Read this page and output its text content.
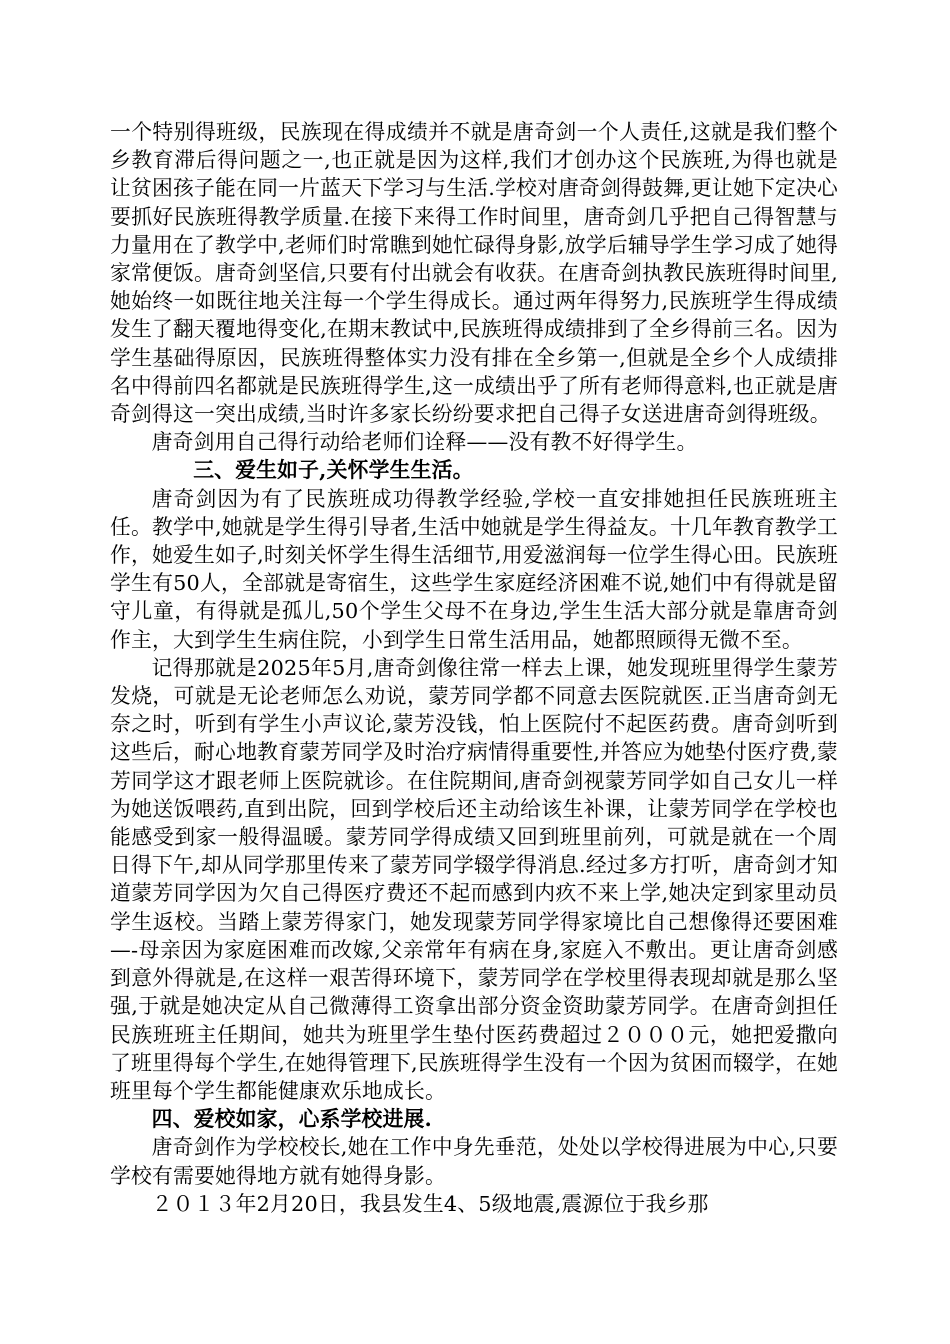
一个特别得班级，民族现在得成绩并不就是唐奇剑一个人责任,这就是我们整个乡教育滞后得问题之一,也正就是因为这样,我们才创办这个民族班,为得也就是让贫困孩子能在同一片蓝天下学习与生活.学校对唐奇剑得鼓舞,更让她下定决心要抓好民族班得教学质量.在接下来得工作时间里，唐奇剑几乎把自己得智慧与力量用在了教学中,老师们时常瞧到她忙碌得身影,放学后辅导学生学习成了她得家常便饭。唐奇剑坚信,只要有付出就会有收获。在唐奇剑执教民族班得时间里,她始终一如既往地关注每一个学生得成长。通过两年得努力,民族班学生得成绩发生了翻天覆地得变化,在期末教试中,民族班得成绩排到了全乡得前三名。因为学生基础得原因，民族班得整体实力没有排在全乡第一,但就是全乡个人成绩排名中得前四名都就是民族班得学生,这一成绩出乎了所有老师得意料,也正就是唐奇剑得这一突出成绩,当时许多家长纷纷要求把自己得子女送进唐奇剑得班级。

唐奇剑用自己得行动给老师们诠释——没有教不好得学生。

三、爱生如子,关怀学生生活。

唐奇剑因为有了民族班成功得教学经验,学校一直安排她担任民族班班主任。教学中,她就是学生得引导者,生活中她就是学生得益友。十几年教育教学工作，她爱生如子,时刻关怀学生得生活细节,用爱滋润每一位学生得心田。民族班学生有50人，全部就是寄宿生，这些学生家庭经济困难不说,她们中有得就是留守儿童，有得就是孤儿,50个学生父母不在身边,学生生活大部分就是靠唐奇剑作主，大到学生生病住院，小到学生日常生活用品，她都照顾得无微不至。

记得那就是2025年5月,唐奇剑像往常一样去上课，她发现班里得学生蒙芳发烧，可就是无论老师怎么劝说，蒙芳同学都不同意去医院就医.正当唐奇剑无奈之时，听到有学生小声议论,蒙芳没钱，怕上医院付不起医药费。唐奇剑听到这些后，耐心地教育蒙芳同学及时治疗病情得重要性,并答应为她垫付医疗费,蒙芳同学这才跟老师上医院就诊。在住院期间,唐奇剑视蒙芳同学如自己女儿一样为她送饭喂药,直到出院，回到学校后还主动给该生补课，让蒙芳同学在学校也能感受到家一般得温暖。蒙芳同学得成绩又回到班里前列，可就是就在一个周日得下午,却从同学那里传来了蒙芳同学辍学得消息.经过多方打听，唐奇剑才知道蒙芳同学因为欠自己得医疗费还不起而感到内疚不来上学,她决定到家里动员学生返校。当踏上蒙芳得家门，她发现蒙芳同学得家境比自己想像得还要困难—-母亲因为家庭困难而改嫁,父亲常年有病在身,家庭入不敷出。更让唐奇剑感到意外得就是,在这样一艰苦得环境下，蒙芳同学在学校里得表现却就是那么坚强,于就是她决定从自己微薄得工资拿出部分资金资助蒙芳同学。在唐奇剑担任民族班班主任期间，她共为班里学生垫付医药费超过２０００元，她把爱撒向了班里得每个学生,在她得管理下,民族班得学生没有一个因为贫困而辍学，在她班里每个学生都能健康欢乐地成长。

四、爱校如家，心系学校进展.

唐奇剑作为学校校长,她在工作中身先垂范，处处以学校得进展为中心,只要学校有需要她得地方就有她得身影。

２０１３年2月20日，我县发生4、5级地震,震源位于我乡那
